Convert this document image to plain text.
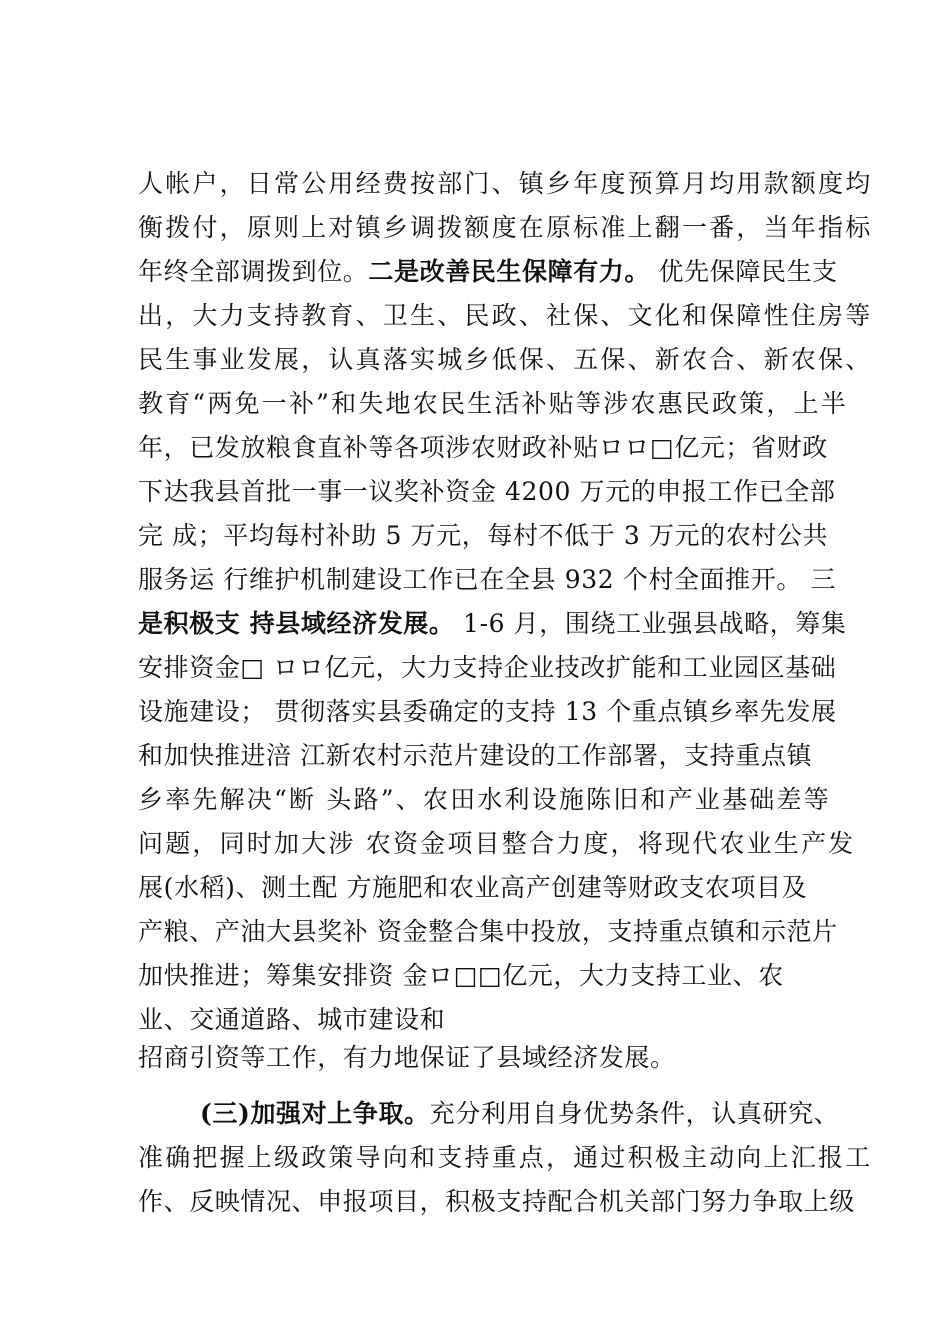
人帐户，日常公用经费按部门、镇乡年度预算月均用款额度均
衡拨付，原则上对镇乡调拨额度在原标准上翻一番，当年指标
年终全部调拨到位。二是改善民生保障有力。 优先保障民生支
出，大力支持教育、卫生、民政、社保、文化和保障性住房等
民生事业发展，认真落实城乡低保、五保、新农合、新农保、
教育“两免一补”和失地农民生活补贴等涉农惠民政策，上半
年，已发放粮食直补等各项涉农财政补贴ロロ□亿元；省财政
下达我县首批一事一议奖补资金 4200 万元的申报工作已全部
完 成；平均每村补助 5 万元，每村不低于 3 万元的农村公共
服务运 行维护机制建设工作已在全县 932 个村全面推开。 三
是积极支 持县域经济发展。 1-6 月，围绕工业强县战略，筹集
安排资金□ ロロ亿元，大力支持企业技改扩能和工业园区基础
设施建设； 贯彻落实县委确定的支持 13 个重点镇乡率先发展
和加快推进涪 江新农村示范片建设的工作部署，支持重点镇
乡率先解决“断 头路”、农田水利设施陈旧和产业基础差等
问题，同时加大涉 农资金项目整合力度，将现代农业生产发
展(水稻)、测土配 方施肥和农业高产创建等财政支农项目及
产粮、产油大县奖补 资金整合集中投放，支持重点镇和示范片
加快推进；筹集安排资 金ロ□□亿元，大力支持工业、农
业、交通道路、城市建设和
招商引资等工作，有力地保证了县域经济发展。
(三)加强对上争取。充分利用自身优势条件，认真研究、
准确把握上级政策导向和支持重点，通过积极主动向上汇报工
作、反映情况、申报项目，积极支持配合机关部门努力争取上级
